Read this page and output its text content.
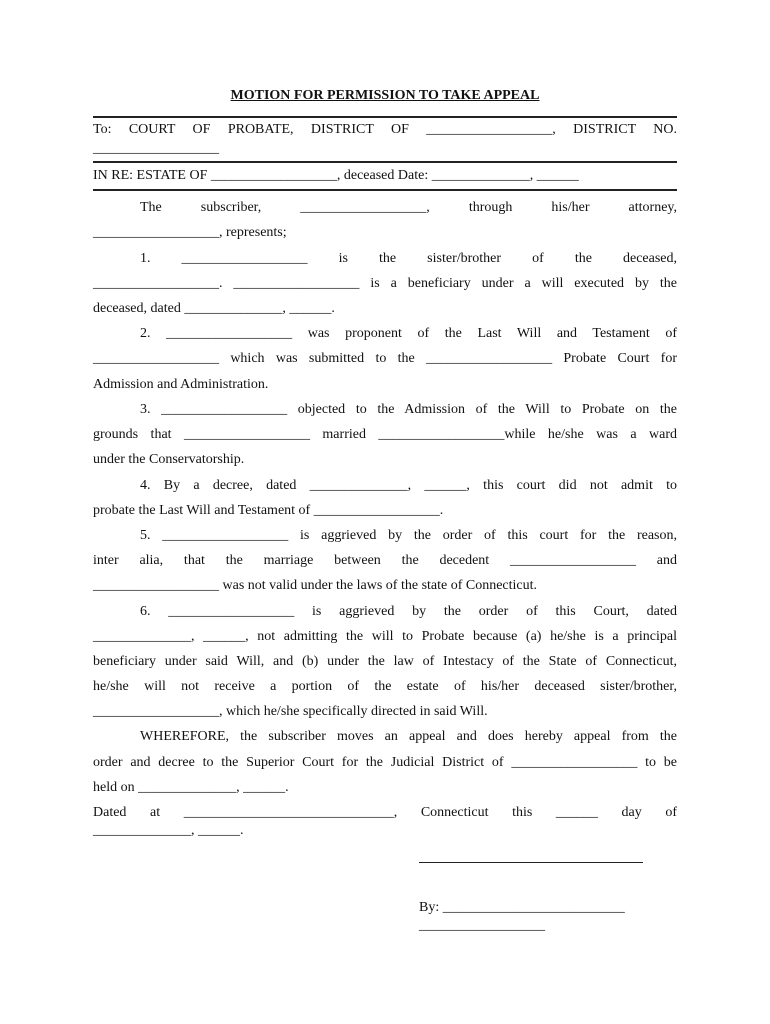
MOTION FOR PERMISSION TO TAKE APPEAL
To: COURT OF PROBATE, DISTRICT OF __________________, DISTRICT NO.
__________________
IN RE: ESTATE OF __________________, deceased Date: ______________, ______
The subscriber, __________________, through his/her attorney,
__________________, represents;
1. __________________ is the sister/brother of the deceased,
__________________. __________________ is a beneficiary under a will executed by the
deceased, dated ______________, ______.
2. __________________ was proponent of the Last Will and Testament of
__________________ which was submitted to the __________________ Probate Court for
Admission and Administration.
3. __________________ objected to the Admission of the Will to Probate on the
grounds that __________________ married __________________while he/she was a ward
under the Conservatorship.
4. By a decree, dated ______________, ______, this court did not admit to
probate the Last Will and Testament of __________________.
5. __________________ is aggrieved by the order of this court for the reason,
inter alia, that the marriage between the decedent __________________ and
__________________ was not valid under the laws of the state of Connecticut.
6. __________________ is aggrieved by the order of this Court, dated
______________, ______, not admitting the will to Probate because (a) he/she is a principal
beneficiary under said Will, and (b) under the law of Intestacy of the State of Connecticut,
he/she will not receive a portion of the estate of his/her deceased sister/brother,
__________________, which he/she specifically directed in said Will.
WHEREFORE, the subscriber moves an appeal and does hereby appeal from the
order and decree to the Superior Court for the Judicial District of __________________ to be
held on ______________, ______.
Dated at ______________________________, Connecticut this ______ day of
______________, ______.
By: __________________________
__________________
